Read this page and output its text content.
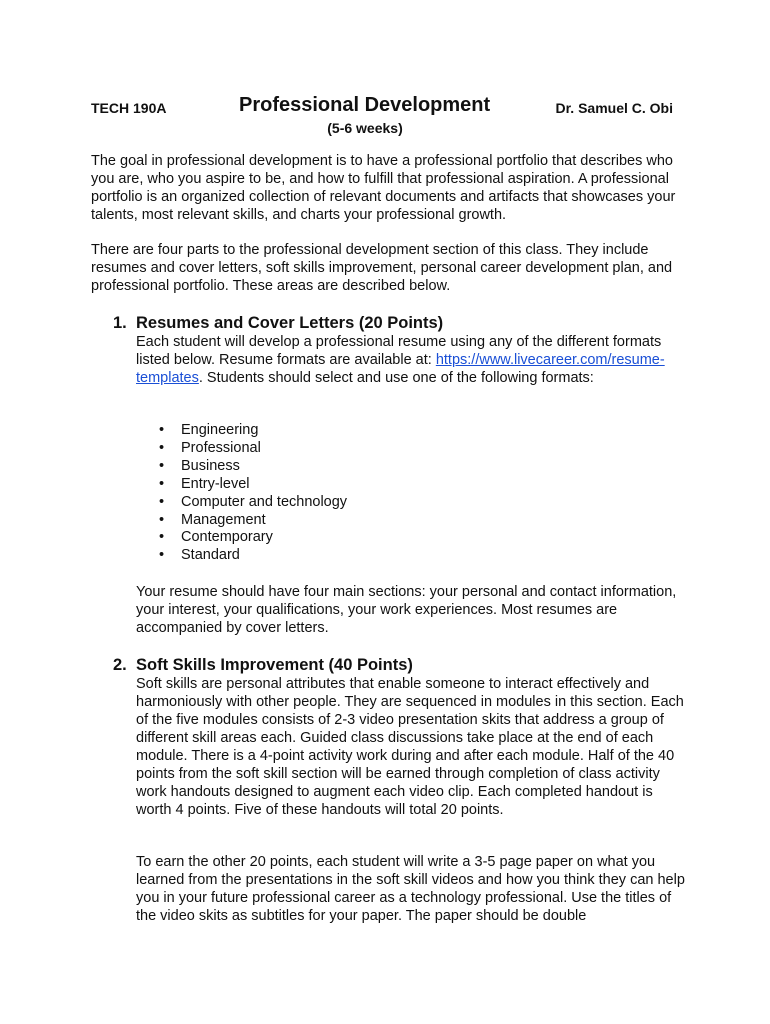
TECH 190A	Professional Development	Dr. Samuel C. Obi
(5-6 weeks)

The goal in professional development is to have a professional portfolio that describes who you are, who you aspire to be, and how to fulfill that professional aspiration. A professional portfolio is an organized collection of relevant documents and artifacts that showcases your talents, most relevant skills, and charts your professional growth.

There are four parts to the professional development section of this class. They include resumes and cover letters, soft skills improvement, personal career development plan, and professional portfolio. These areas are described below.

1. Resumes and Cover Letters (20 Points)

Each student will develop a professional resume using any of the different formats listed below. Resume formats are available at: https://www.livecareer.com/resume-templates. Students should select and use one of the following formats:

• Engineering
• Professional
• Business
• Entry-level
• Computer and technology
• Management
• Contemporary
• Standard

Your resume should have four main sections: your personal and contact information, your interest, your qualifications, your work experiences. Most resumes are accompanied by cover letters.

2. Soft Skills Improvement (40 Points)

Soft skills are personal attributes that enable someone to interact effectively and harmoniously with other people. They are sequenced in modules in this section. Each of the five modules consists of 2-3 video presentation skits that address a group of different skill areas each. Guided class discussions take place at the end of each module. There is a 4-point activity work during and after each module. Half of the 40 points from the soft skill section will be earned through completion of class activity work handouts designed to augment each video clip. Each completed handout is worth 4 points. Five of these handouts will total 20 points.

To earn the other 20 points, each student will write a 3-5 page paper on what you learned from the presentations in the soft skill videos and how you think they can help you in your future professional career as a technology professional. Use the titles of the video skits as subtitles for your paper. The paper should be double
